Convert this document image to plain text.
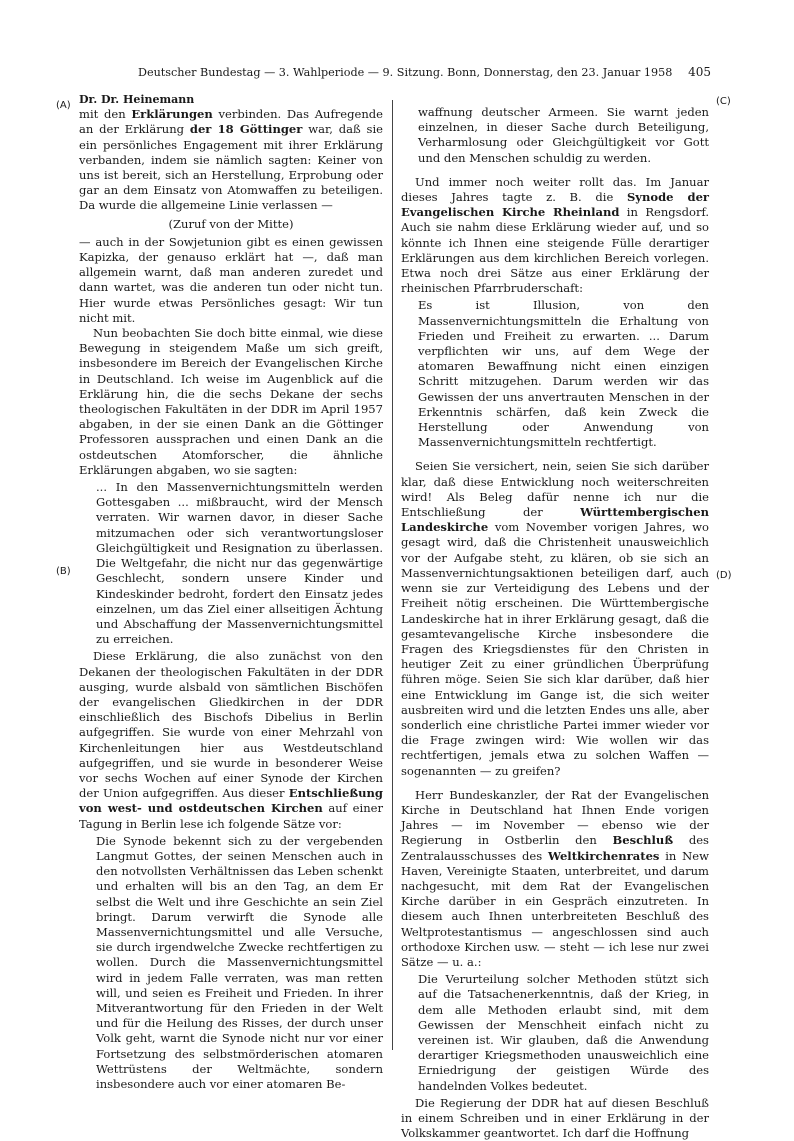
Deutscher Bundestag — 3. Wahlperiode — 9. Sitzung. Bonn, Donnerstag, den 23. Januar 1958 405
(A)
(B)
(C)
(D)

Dr. Dr. Heinemann

mit den Erklärungen verbinden. Das Aufregende an der Erklärung der 18 Göttinger war, daß sie ein persönliches Engagement mit ihrer Erklärung verbanden, indem sie nämlich sagten: Keiner von uns ist bereit, sich an Herstellung, Erprobung oder gar an dem Einsatz von Atomwaffen zu beteiligen. Da wurde die allgemeine Linie verlassen —

(Zuruf von der Mitte)

— auch in der Sowjetunion gibt es einen gewissen Kapizka, der genauso erklärt hat —, daß man allgemein warnt, daß man anderen zuredet und dann wartet, was die anderen tun oder nicht tun. Hier wurde etwas Persönliches gesagt: Wir tun nicht mit.

Nun beobachten Sie doch bitte einmal, wie diese Bewegung in steigendem Maße um sich greift, insbesondere im Bereich der Evangelischen Kirche in Deutschland. Ich weise im Augenblick auf die Erklärung hin, die die sechs Dekane der sechs theologischen Fakultäten in der DDR im April 1957 abgaben, in der sie einen Dank an die Göttinger Professoren aussprachen und einen Dank an die ostdeutschen Atomforscher, die ähnliche Erklärungen abgaben, wo sie sagten:

... In den Massenvernichtungsmitteln werden Gottesgaben ... mißbraucht, wird der Mensch verraten. Wir warnen davor, in dieser Sache mitzumachen oder sich verantwortungsloser Gleichgültigkeit und Resignation zu überlassen. Die Weltgefahr, die nicht nur das gegenwärtige Geschlecht, sondern unsere Kinder und Kindeskinder bedroht, fordert den Einsatz jedes einzelnen, um das Ziel einer allseitigen Ächtung und Abschaffung der Massenvernichtungsmittel zu erreichen.

Diese Erklärung, die also zunächst von den Dekanen der theologischen Fakultäten in der DDR ausging, wurde alsbald von sämtlichen Bischöfen der evangelischen Gliedkirchen in der DDR einschließlich des Bischofs Dibelius in Berlin aufgegriffen. Sie wurde von einer Mehrzahl von Kirchenleitungen hier aus Westdeutschland aufgegriffen, und sie wurde in besonderer Weise vor sechs Wochen auf einer Synode der Kirchen der Union aufgegriffen. Aus dieser Entschließung von west- und ostdeutschen Kirchen auf einer Tagung in Berlin lese ich folgende Sätze vor:

Die Synode bekennt sich zu der vergebenden Langmut Gottes, der seinen Menschen auch in den notvollsten Verhältnissen das Leben schenkt und erhalten will bis an den Tag, an dem Er selbst die Welt und ihre Geschichte an sein Ziel bringt. Darum verwirft die Synode alle Massenvernichtungsmittel und alle Versuche, sie durch irgendwelche Zwecke rechtfertigen zu wollen. Durch die Massenvernichtungsmittel wird in jedem Falle verraten, was man retten will, und seien es Freiheit und Frieden. In ihrer Mitverantwortung für den Frieden in der Welt und für die Heilung des Risses, der durch unser Volk geht, warnt die Synode nicht nur vor einer Fortsetzung des selbstmörderischen atomaren Wettrüstens der Weltmächte, sondern insbesondere auch vor einer atomaren Be-

waffnung deutscher Armeen. Sie warnt jeden einzelnen, in dieser Sache durch Beteiligung, Verharmlosung oder Gleichgültigkeit vor Gott und den Menschen schuldig zu werden.

Und immer noch weiter rollt das. Im Januar dieses Jahres tagte z. B. die Synode der Evangelischen Kirche Rheinland in Rengsdorf. Auch sie nahm diese Erklärung wieder auf, und so könnte ich Ihnen eine steigende Fülle derartiger Erklärungen aus dem kirchlichen Bereich vorlegen. Etwa noch drei Sätze aus einer Erklärung der rheinischen Pfarrbruderschaft:

Es ist Illusion, von den Massenvernichtungsmitteln die Erhaltung von Frieden und Freiheit zu erwarten. ... Darum verpflichten wir uns, auf dem Wege der atomaren Bewaffnung nicht einen einzigen Schritt mitzugehen. Darum werden wir das Gewissen der uns anvertrauten Menschen in der Erkenntnis schärfen, daß kein Zweck die Herstellung oder Anwendung von Massenvernichtungsmitteln rechtfertigt.

Seien Sie versichert, nein, seien Sie sich darüber klar, daß diese Entwicklung noch weiterschreiten wird! Als Beleg dafür nenne ich nur die Entschließung der Württembergischen Landeskirche vom November vorigen Jahres, wo gesagt wird, daß die Christenheit unausweichlich vor der Aufgabe steht, zu klären, ob sie sich an Massenvernichtungsaktionen beteiligen darf, auch wenn sie zur Verteidigung des Lebens und der Freiheit nötig erscheinen. Die Württembergische Landeskirche hat in ihrer Erklärung gesagt, daß die gesamtevangelische Kirche insbesondere die Fragen des Kriegsdienstes für den Christen in heutiger Zeit zu einer gründlichen Überprüfung führen möge. Seien Sie sich klar darüber, daß hier eine Entwicklung im Gange ist, die sich weiter ausbreiten wird und die letzten Endes uns alle, aber sonderlich eine christliche Partei immer wieder vor die Frage zwingen wird: Wie wollen wir das rechtfertigen, jemals etwa zu solchen Waffen — sogenannten — zu greifen?

Herr Bundeskanzler, der Rat der Evangelischen Kirche in Deutschland hat Ihnen Ende vorigen Jahres — im November — ebenso wie der Regierung in Ostberlin den Beschluß des Zentralausschusses des Weltkirchenrates in New Haven, Vereinigte Staaten, unterbreitet, und darum nachgesucht, mit dem Rat der Evangelischen Kirche darüber in ein Gespräch einzutreten. In diesem auch Ihnen unterbreiteten Beschluß des Weltprotestantismus — angeschlossen sind auch orthodoxe Kirchen usw. — steht — ich lese nur zwei Sätze — u. a.:

Die Verurteilung solcher Methoden stützt sich auf die Tatsachenerkenntnis, daß der Krieg, in dem alle Methoden erlaubt sind, mit dem Gewissen der Menschheit einfach nicht zu vereinen ist. Wir glauben, daß die Anwendung derartiger Kriegsmethoden unausweichlich eine Erniedrigung der geistigen Würde des handelnden Volkes bedeutet.

Die Regierung der DDR hat auf diesen Beschluß in einem Schreiben und in einer Erklärung in der Volkskammer geantwortet. Ich darf die Hoffnung
